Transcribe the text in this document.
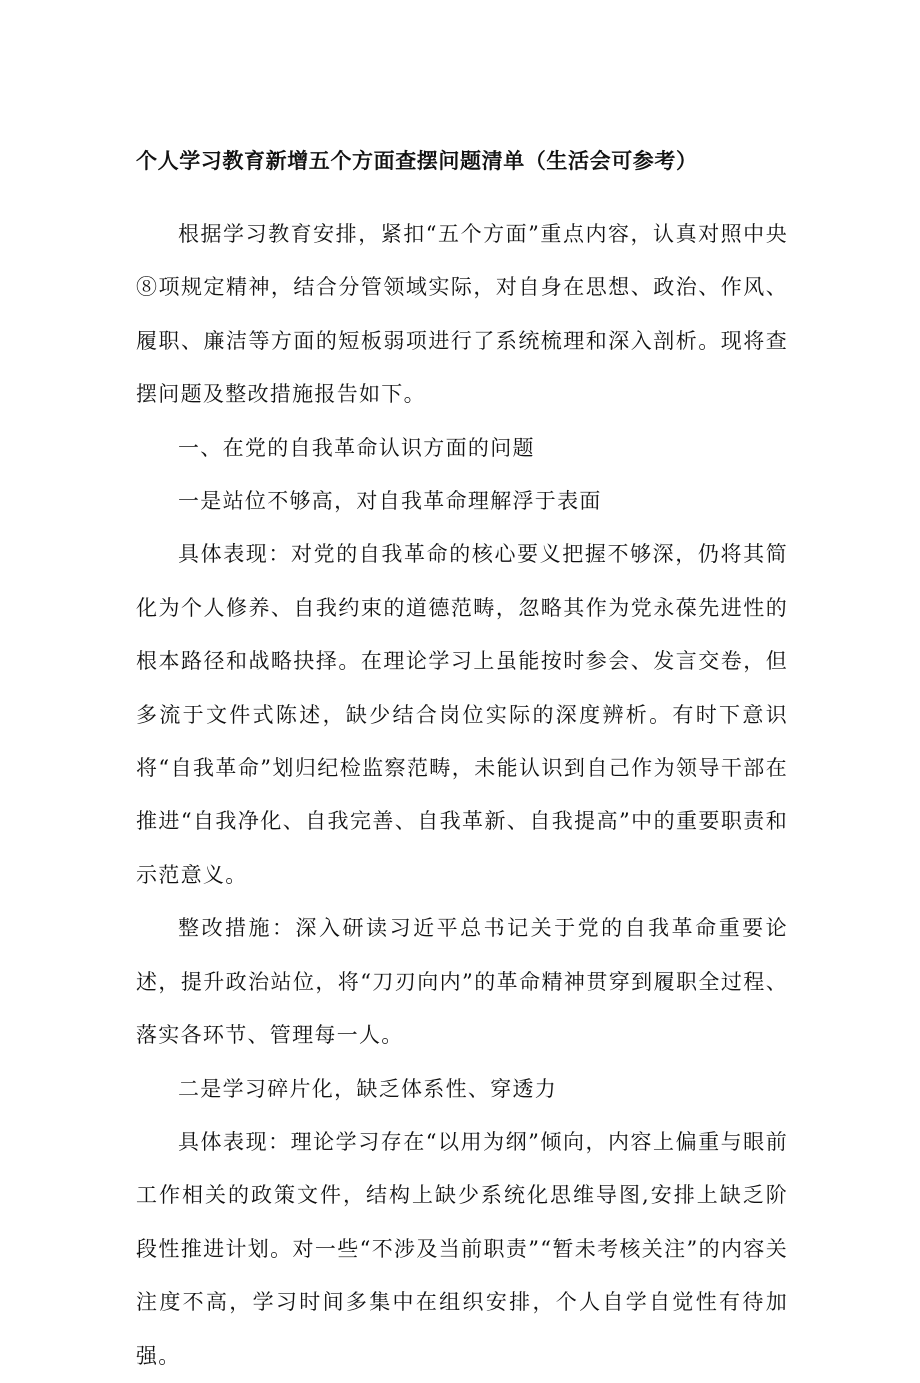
个人学习教育新增五个方面查摆问题清单（生活会可参考）

根据学习教育安排，紧扣“五个方面”重点内容，认真对照中央⑧项规定精神，结合分管领域实际，对自身在思想、政治、作风、履职、廉洁等方面的短板弱项进行了系统梳理和深入剖析。现将查摆问题及整改措施报告如下。

一、在党的自我革命认识方面的问题

一是站位不够高，对自我革命理解浮于表面

具体表现：对党的自我革命的核心要义把握不够深，仍将其简化为个人修养、自我约束的道德范畴，忽略其作为党永葆先进性的根本路径和战略抉择。在理论学习上虽能按时参会、发言交卷，但多流于文件式陈述，缺少结合岗位实际的深度辨析。有时下意识将“自我革命”划归纪检监察范畴，未能认识到自己作为领导干部在推进“自我净化、自我完善、自我革新、自我提高”中的重要职责和示范意义。

整改措施：深入研读习近平总书记关于党的自我革命重要论述，提升政治站位，将“刀刃向内”的革命精神贯穿到履职全过程、落实各环节、管理每一人。

二是学习碎片化，缺乏体系性、穿透力

具体表现：理论学习存在“以用为纲”倾向，内容上偏重与眼前工作相关的政策文件，结构上缺少系统化思维导图,安排上缺乏阶段性推进计划。对一些“不涉及当前职责”“暂未考核关注”的内容关注度不高，学习时间多集中在组织安排，个人自学自觉性有待加强。
